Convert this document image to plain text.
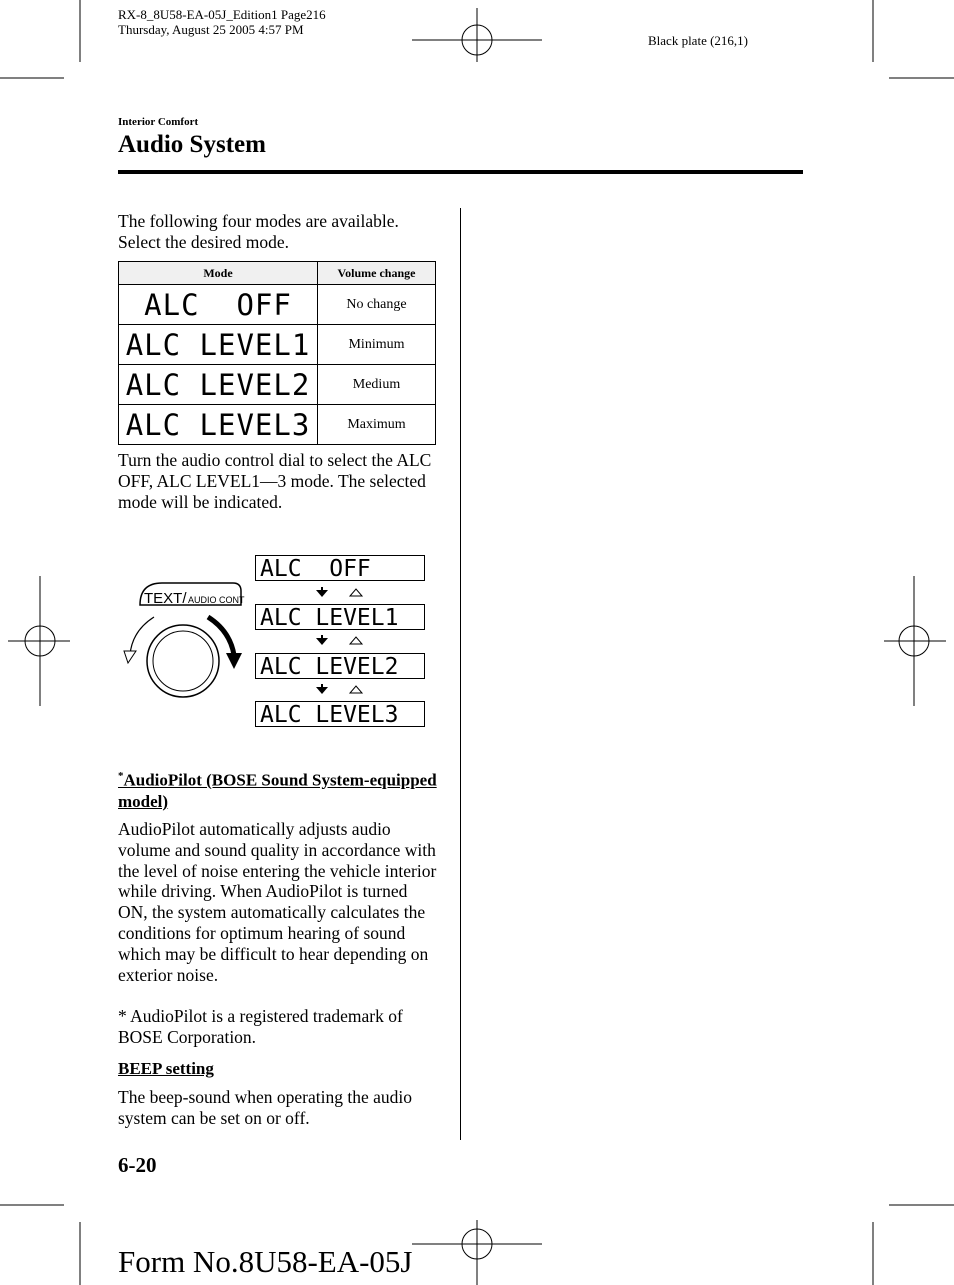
RX-8_8U58-EA-05J_Edition1 Page216
Thursday, August 25 2005 4:57 PM
Black plate (216,1)
Interior Comfort
Audio System
The following four modes are available. Select the desired mode.
Mode	Volume change
ALC  OFF	No change
ALC LEVEL1	Minimum
ALC LEVEL2	Medium
ALC LEVEL3	Maximum
Turn the audio control dial to select the ALC OFF, ALC LEVEL1—3 mode. The selected mode will be indicated.
TEXT/ AUDIO CONT
ALC  OFF
ALC LEVEL1
ALC LEVEL2
ALC LEVEL3
*AudioPilot (BOSE Sound System-equipped model)
AudioPilot automatically adjusts audio volume and sound quality in accordance with the level of noise entering the vehicle interior while driving. When AudioPilot is turned ON, the system automatically calculates the conditions for optimum hearing of sound which may be difficult to hear depending on exterior noise.
* AudioPilot is a registered trademark of BOSE Corporation.
BEEP setting
The beep-sound when operating the audio system can be set on or off.
6-20
Form No.8U58-EA-05J
